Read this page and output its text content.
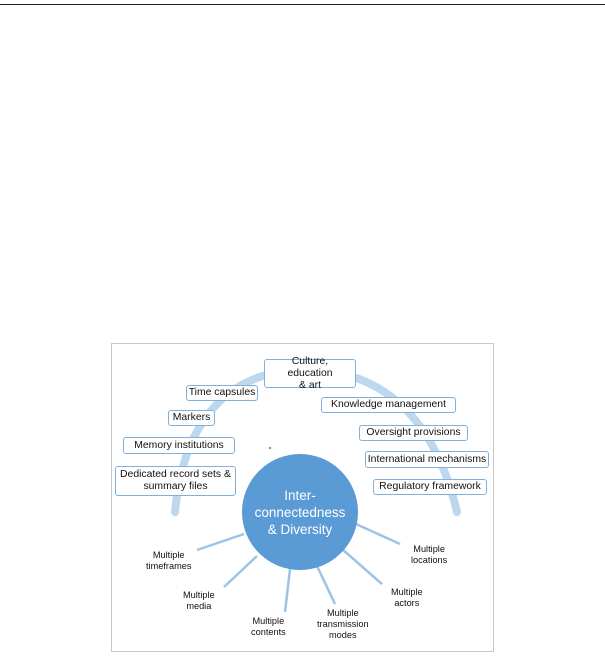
Culture, education
& art
Time capsules
Markers
Memory institutions
Dedicated record sets &
summary files
Knowledge management
Oversight provisions
International mechanisms
Regulatory framework
Inter-
connectedness
& Diversity
Multiple
timeframes
Multiple
media
Multiple
contents
Multiple
transmission
modes
Multiple
actors
Multiple
locations
